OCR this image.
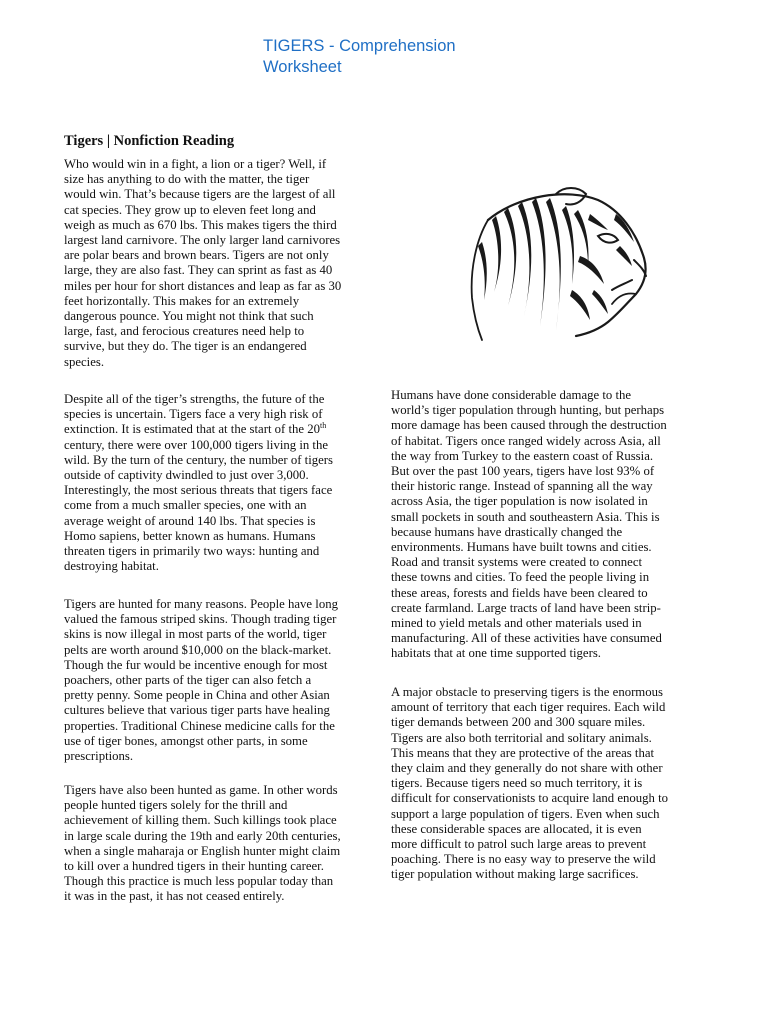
TIGERS - Comprehension
Worksheet
Tigers | Nonfiction Reading

Who would win in a fight, a lion or a tiger? Well, if
size has anything to do with the matter, the tiger
would win. That’s because tigers are the largest of all
cat species. They grow up to eleven feet long and
weigh as much as 670 lbs. This makes tigers the third
largest land carnivore. The only larger land carnivores
are polar bears and brown bears. Tigers are not only
large, they are also fast. They can sprint as fast as 40
miles per hour for short distances and leap as far as 30
feet horizontally. This makes for an extremely
dangerous pounce. You might not think that such
large, fast, and ferocious creatures need help to
survive, but they do. The tiger is an endangered
species.

Despite all of the tiger’s strengths, the future of the
species is uncertain. Tigers face a very high risk of
extinction. It is estimated that at the start of the 20th
century, there were over 100,000 tigers living in the
wild. By the turn of the century, the number of tigers
outside of captivity dwindled to just over 3,000.
Interestingly, the most serious threats that tigers face
come from a much smaller species, one with an
average weight of around 140 lbs. That species is
Homo sapiens, better known as humans. Humans
threaten tigers in primarily two ways: hunting and
destroying habitat.

Tigers are hunted for many reasons. People have long
valued the famous striped skins. Though trading tiger
skins is now illegal in most parts of the world, tiger
pelts are worth around $10,000 on the black-market.
Though the fur would be incentive enough for most
poachers, other parts of the tiger can also fetch a
pretty penny. Some people in China and other Asian
cultures believe that various tiger parts have healing
properties. Traditional Chinese medicine calls for the
use of tiger bones, amongst other parts, in some
prescriptions.

Tigers have also been hunted as game. In other words
people hunted tigers solely for the thrill and
achievement of killing them. Such killings took place
in large scale during the 19th and early 20th centuries,
when a single maharaja or English hunter might claim
to kill over a hundred tigers in their hunting career.
Though this practice is much less popular today than
it was in the past, it has not ceased entirely.

Humans have done considerable damage to the
world’s tiger population through hunting, but perhaps
more damage has been caused through the destruction
of habitat. Tigers once ranged widely across Asia, all
the way from Turkey to the eastern coast of Russia.
But over the past 100 years, tigers have lost 93% of
their historic range. Instead of spanning all the way
across Asia, the tiger population is now isolated in
small pockets in south and southeastern Asia. This is
because humans have drastically changed the
environments. Humans have built towns and cities.
Road and transit systems were created to connect
these towns and cities. To feed the people living in
these areas, forests and fields have been cleared to
create farmland. Large tracts of land have been strip-
mined to yield metals and other materials used in
manufacturing. All of these activities have consumed
habitats that at one time supported tigers.

A major obstacle to preserving tigers is the enormous
amount of territory that each tiger requires. Each wild
tiger demands between 200 and 300 square miles.
Tigers are also both territorial and solitary animals.
This means that they are protective of the areas that
they claim and they generally do not share with other
tigers. Because tigers need so much territory, it is
difficult for conservationists to acquire land enough to
support a large population of tigers. Even when such
these considerable spaces are allocated, it is even
more difficult to patrol such large areas to prevent
poaching. There is no easy way to preserve the wild
tiger population without making large sacrifices.
